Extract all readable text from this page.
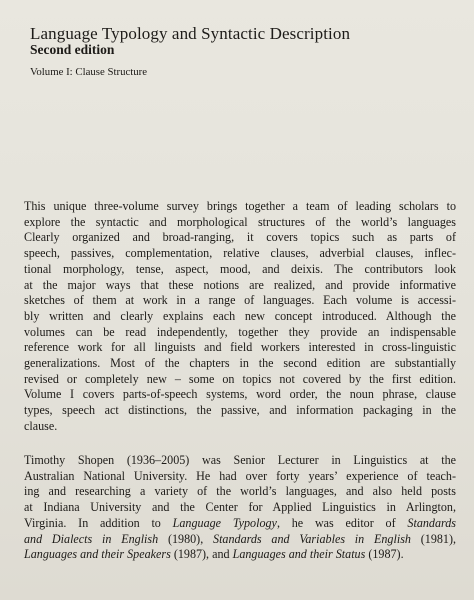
Language Typology and Syntactic Description
Second edition

Volume I: Clause Structure

This unique three-volume survey brings together a team of leading scholars to
explore the syntactic and morphological structures of the world’s languages
Clearly organized and broad-ranging, it covers topics such as parts of
speech, passives, complementation, relative clauses, adverbial clauses, inflec-
tional morphology, tense, aspect, mood, and deixis. The contributors look
at the major ways that these notions are realized, and provide informative
sketches of them at work in a range of languages. Each volume is accessi-
bly written and clearly explains each new concept introduced. Although the
volumes can be read independently, together they provide an indispensable
reference work for all linguists and field workers interested in cross-linguistic
generalizations. Most of the chapters in the second edition are substantially
revised or completely new – some on topics not covered by the first edition.
Volume I covers parts-of-speech systems, word order, the noun phrase, clause
types, speech act distinctions, the passive, and information packaging in the
clause.

Timothy Shopen (1936–2005) was Senior Lecturer in Linguistics at the
Australian National University. He had over forty years’ experience of teach-
ing and researching a variety of the world’s languages, and also held posts
at Indiana University and the Center for Applied Linguistics in Arlington,
Virginia. In addition to Language Typology, he was editor of Standards
and Dialects in English (1980), Standards and Variables in English (1981),
Languages and their Speakers (1987), and Languages and their Status (1987).
